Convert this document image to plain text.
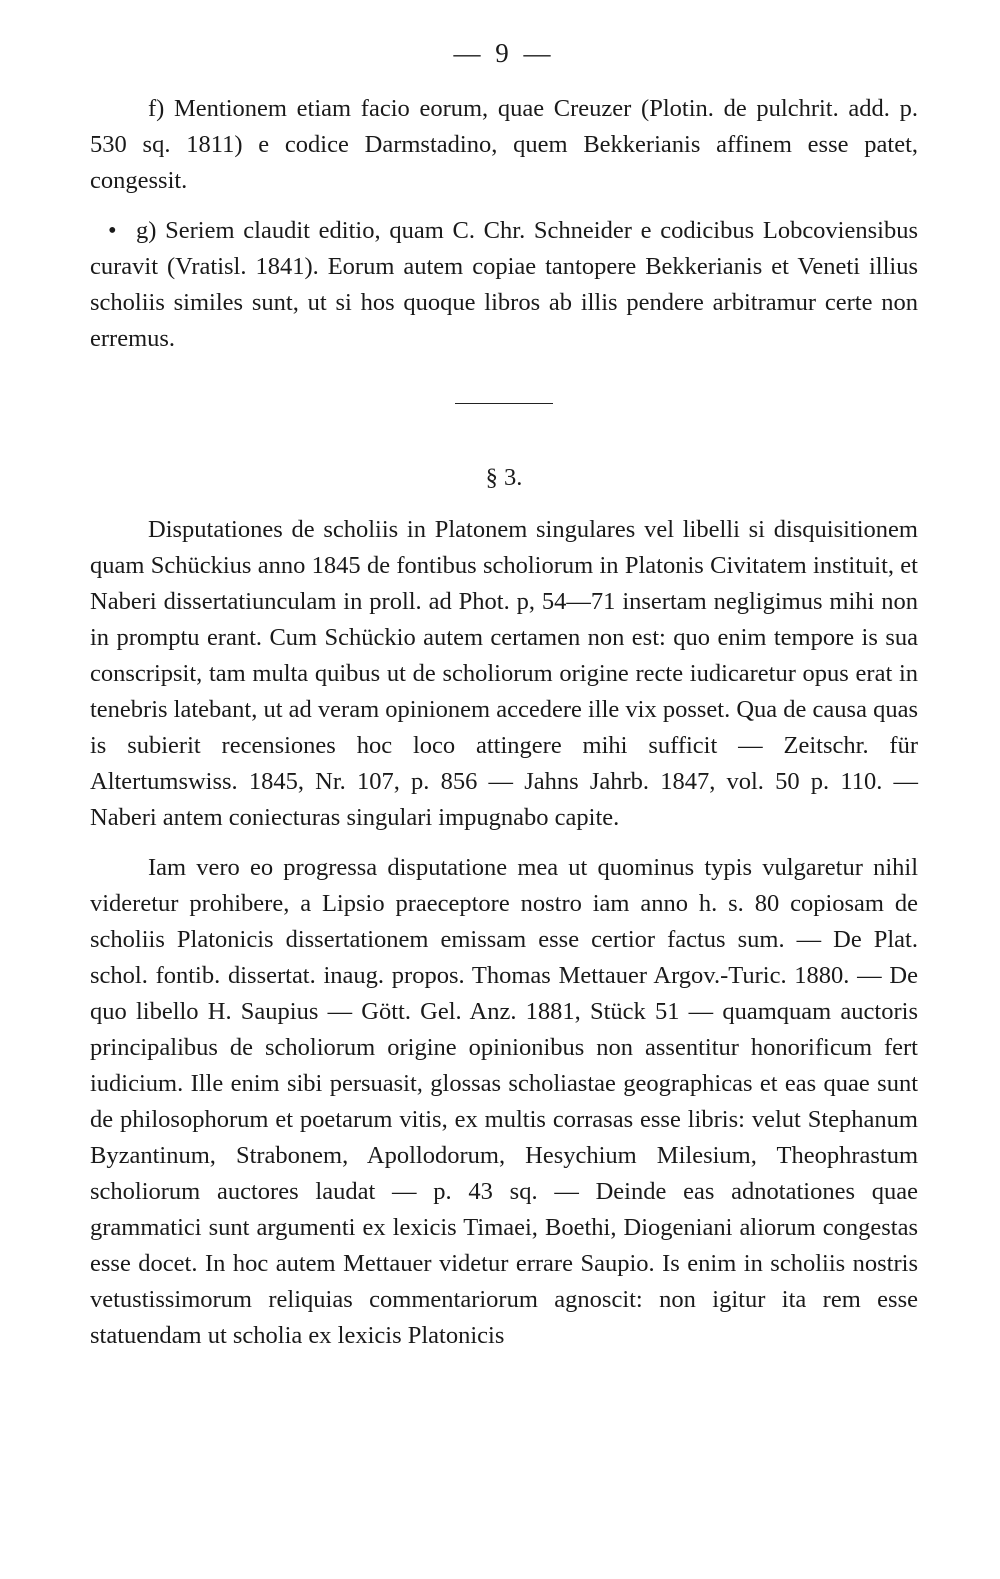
— 9 —

f) Mentionem etiam facio eorum, quae Creuzer (Plotin. de pulchrit. add. p. 530 sq. 1811) e codice Darmstadino, quem Bekkerianis affinem esse patet, congessit.

• g) Seriem claudit editio, quam C. Chr. Schneider e codicibus Lobcoviensibus curavit (Vratisl. 1841). Eorum autem copiae tantopere Bekkerianis et Veneti illius scholiis similes sunt, ut si hos quoque libros ab illis pendere arbitramur certe non erremus.

§ 3.

Disputationes de scholiis in Platonem singulares vel libelli si disquisitionem quam Schückius anno 1845 de fontibus scholiorum in Platonis Civitatem instituit, et Naberi dissertatiunculam in proll. ad Phot. p, 54—71 insertam negligimus mihi non in promptu erant. Cum Schückio autem certamen non est: quo enim tempore is sua conscripsit, tam multa quibus ut de scholiorum origine recte iudicaretur opus erat in tenebris latebant, ut ad veram opinionem accedere ille vix posset. Qua de causa quas is subierit recensiones hoc loco attingere mihi sufficit — Zeitschr. für Altertumswiss. 1845, Nr. 107, p. 856 — Jahns Jahrb. 1847, vol. 50 p. 110. — Naberi antem coniecturas singulari impugnabo capite.

Iam vero eo progressa disputatione mea ut quominus typis vulgaretur nihil videretur prohibere, a Lipsio praeceptore nostro iam anno h. s. 80 copiosam de scholiis Platonicis dissertationem emissam esse certior factus sum. — De Plat. schol. fontib. dissertat. inaug. propos. Thomas Mettauer Argov.-Turic. 1880. — De quo libello H. Saupius — Gött. Gel. Anz. 1881, Stück 51 — quamquam auctoris principalibus de scholiorum origine opinionibus non assentitur honorificum fert iudicium. Ille enim sibi persuasit, glossas scholiastae geographicas et eas quae sunt de philosophorum et poetarum vitis, ex multis corrasas esse libris: velut Stephanum Byzantinum, Strabonem, Apollodorum, Hesychium Milesium, Theophrastum scholiorum auctores laudat — p. 43 sq. — Deinde eas adnotationes quae grammatici sunt argumenti ex lexicis Timaei, Boethi, Diogeniani aliorum congestas esse docet. In hoc autem Mettauer videtur errare Saupio. Is enim in scholiis nostris vetustissimorum reliquias commentariorum agnoscit: non igitur ita rem esse statuendam ut scholia ex lexicis Platonicis
